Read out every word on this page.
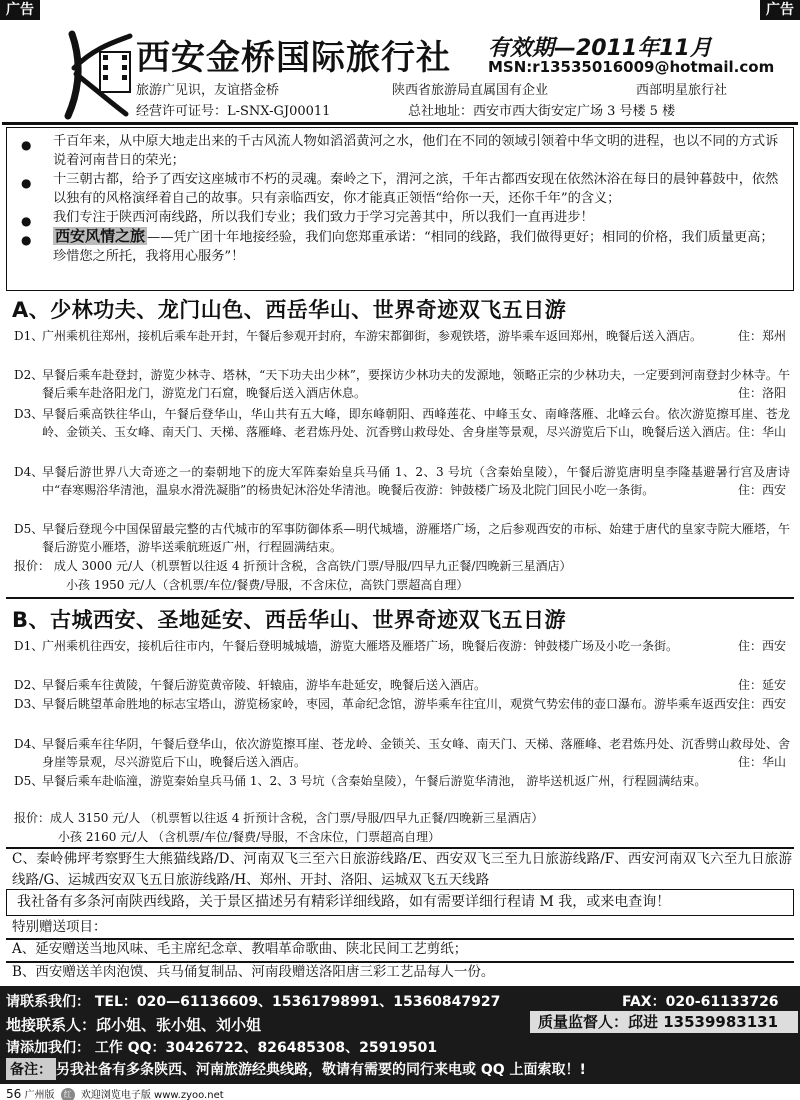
广告	广告
西安金桥国际旅行社 有效期—2011年11月
MSN:r13535016009@hotmail.com
旅游广见识，友谊搭金桥	陕西省旅游局直属国有企业	西部明星旅行社
经营许可证号：L-SNX-GJ00011	总社地址：西安市西大街安定广场 3 号楼 5 楼
● 千百年来，从中原大地走出来的千古风流人物如滔滔黄河之水，他们在不同的领域引领着中华文明的进程，也以不同的方式诉说着河南昔日的荣光；
● 十三朝古都，给予了西安这座城市不朽的灵魂。秦岭之下，渭河之滨，千年古都西安现在依然沐浴在每日的晨钟暮鼓中，依然以独有的风格演绎着自己的故事。只有亲临西安，你才能真正领悟“给你一天，还你千年”的含义；
● 我们专注于陕西河南线路，所以我们专业；我们致力于学习完善其中，所以我们一直再进步！
● 西安风情之旅 ——凭广团十年地接经验，我们向您郑重承诺：“相同的线路，我们做得更好；相同的价格，我们质量更高；珍惜您之所托，我将用心服务”！
A、少林功夫、龙门山色、西岳华山、世界奇迹双飞五日游
D1、
广州乘机往郑州，接机后乘车赴开封，午餐后参观开封府，车游宋都御街，参观铁塔，游毕乘车返回郑州，晚餐后送入酒店。	住：郑州
D2、
早餐后乘车赴登封，游览少林寺、塔林，“天下功夫出少林”，要探访少林功夫的发源地，领略正宗的少林功夫，一定要到河南登封少林寺。午餐后乘车赴洛阳龙门，游览龙门石窟，晚餐后送入酒店休息。	住：洛阳
D3、
早餐后乘高铁往华山，午餐后登华山，华山共有五大峰，即东峰朝阳、西峰莲花、中峰玉女、南峰落雁、北峰云台。依次游览擦耳崖、苍龙岭、金锁关、玉女峰、南天门、天梯、落雁峰、老君炼丹处、沉香劈山救母处、舍身崖等景观，尽兴游览后下山，晚餐后送入酒店。 住：华山
D4、
早餐后游世界八大奇迹之一的秦朝地下的庞大军阵秦始皇兵马俑 1、2、3 号坑（含秦始皇陵），午餐后游览唐明皇李隆基避暑行宫及唐诗中“春寒赐浴华清池，温泉水滑洗凝脂”的杨贵妃沐浴处华清池。晚餐后夜游：钟鼓楼广场及北院门回民小吃一条街。	住：西安
D5、
早餐后登现今中国保留最完整的古代城市的军事防御体系—明代城墙，游雁塔广场，之后参观西安的市标、始建于唐代的皇家寺院大雁塔，午餐后游览小雁塔，游毕送乘航班返广州，行程圆满结束。
报价： 成人 3000 元/人（机票暂以往返 4 折预计含税，含高铁/门票/导服/四早九正餐/四晚新三星酒店）
小孩 1950 元/人（含机票/车位/餐费/导服，不含床位，高铁门票超高自理）
B、古城西安、圣地延安、西岳华山、世界奇迹双飞五日游
D1、
广州乘机往西安，接机后往市内，午餐后登明城城墙，游览大雁塔及雁塔广场，晚餐后夜游：钟鼓楼广场及小吃一条街。	住：西安
D2、
早餐后乘车往黄陵，午餐后游览黄帝陵、轩辕庙，游毕车赴延安，晚餐后送入酒店。	住：延安
D3、
早餐后眺望革命胜地的标志宝塔山，游览杨家岭，枣园，革命纪念馆，游毕乘车往宜川，观赏气势宏伟的壶口瀑布。游毕乘车返西安，
住：西安
D4、
早餐后乘车往华阴，午餐后登华山，依次游览擦耳崖、苍龙岭、金锁关、玉女峰、南天门、天梯、落雁峰、老君炼丹处、沉香劈山救母处、舍身崖等景观，尽兴游览后下山，晚餐后送入酒店。	住：华山
D5、
早餐后乘车赴临潼，游览秦始皇兵马俑 1、2、3 号坑（含秦始皇陵），午餐后游览华清池， 游毕送机返广州，行程圆满结束。
报价：成人 3150 元/人 （机票暂以往返 4 折预计含税，含门票/导服/四早九正餐/四晚新三星酒店）
小孩 2160 元/人 （含机票/车位/餐费/导服，不含床位，门票超高自理）
C、秦岭佛坪考察野生大熊猫线路/D、河南双飞三至六日旅游线路/E、西安双飞三至九日旅游线路/F、西安河南双飞六至九日旅游线路/G、运城西安双飞五日旅游线路/H、郑州、开封、洛阳、运城双飞五天线路
我社备有多条河南陕西线路，关于景区描述另有精彩详细线路，如有需要详细行程请 M 我，或来电查询！
特别赠送项目：
A、延安赠送当地风味、毛主席纪念章、教唱革命歌曲、陕北民间工艺剪纸；
B、西安赠送羊肉泡馍、兵马俑复制品、河南段赠送洛阳唐三彩工艺品每人一份。
请联系我们： TEL：020—61136609、15361798991、15360847927	FAX：020-61133726
地接联系人：邱小姐、张小姐、刘小姐	质量监督人：邱进 13539983131
请添加我们： 工作 QQ：30426722、826485308、25919501
备注： 另我社备有多条陕西、河南旅游经典线路，敬请有需要的同行来电或 QQ 上面索取！!
56 广州版 红 欢迎浏览电子版 www.zyoo.net
